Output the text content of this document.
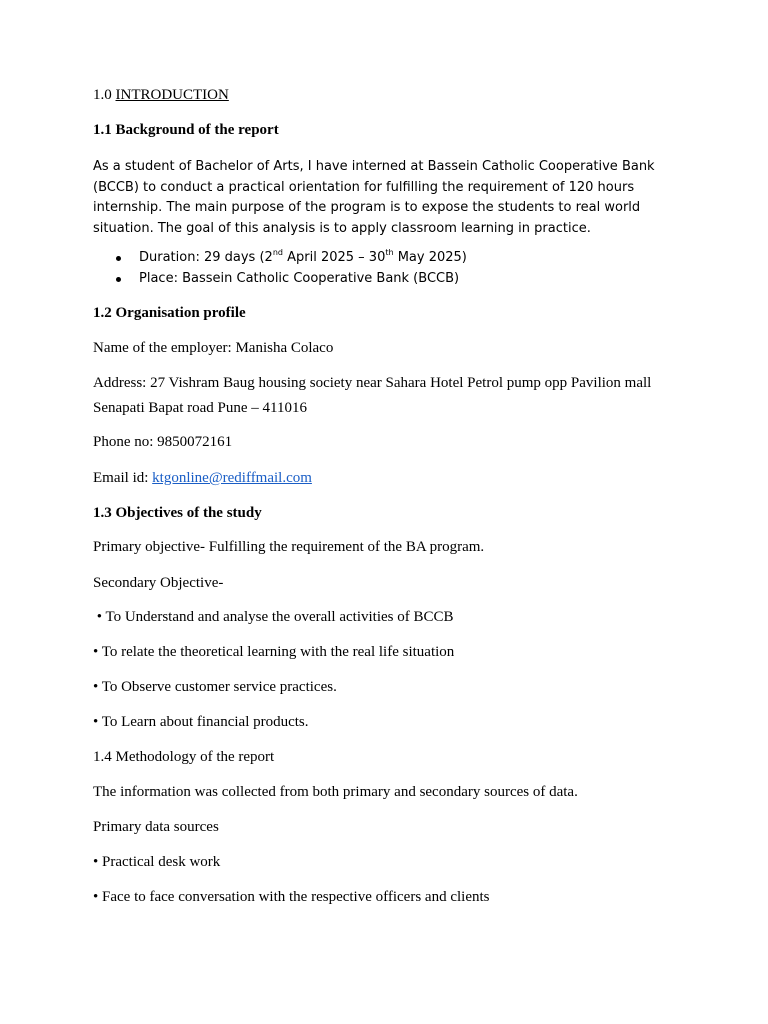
1.0 INTRODUCTION
1.1 Background of the report
As a student of Bachelor of Arts, I have interned at Bassein Catholic Cooperative Bank (BCCB) to conduct a practical orientation for fulfilling the requirement of 120 hours internship. The main purpose of the program is to expose the students to real world situation. The goal of this analysis is to apply classroom learning in practice.
Duration: 29 days (2nd April 2025 – 30th May 2025)
Place: Bassein Catholic Cooperative Bank (BCCB)
1.2 Organisation profile
Name of the employer: Manisha Colaco
Address: 27 Vishram Baug housing society near Sahara Hotel Petrol pump opp Pavilion mall
Senapati Bapat road Pune – 411016
Phone no: 9850072161
Email id: ktgonline@rediffmail.com
1.3 Objectives of the study
Primary objective- Fulfilling the requirement of the BA program.
Secondary Objective-
• To Understand and analyse the overall activities of BCCB
• To relate the theoretical learning with the real life situation
• To Observe customer service practices.
• To Learn about financial products.
1.4 Methodology of the report
The information was collected from both primary and secondary sources of data.
Primary data sources
• Practical desk work
• Face to face conversation with the respective officers and clients
